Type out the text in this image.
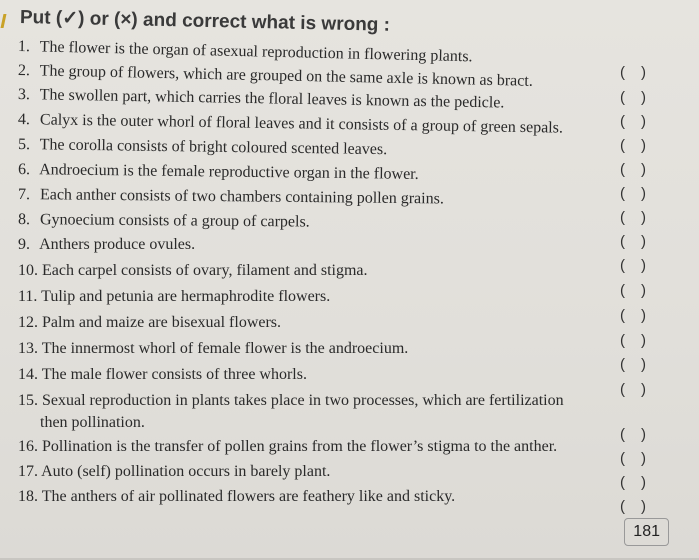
Put (✓) or (×) and correct what is wrong :
1. The flower is the organ of asexual reproduction in flowering plants.
2. The group of flowers, which are grouped on the same axle is known as bract.
3. The swollen part, which carries the floral leaves is known as the pedicle.
4. Calyx is the outer whorl of floral leaves and it consists of a group of green sepals.
5. The corolla consists of bright coloured scented leaves.
6. Androecium is the female reproductive organ in the flower.
7. Each anther consists of two chambers containing pollen grains.
8. Gynoecium consists of a group of carpels.
9. Anthers produce ovules.
10. Each carpel consists of ovary, filament and stigma.
11. Tulip and petunia are hermaphrodite flowers.
12. Palm and maize are bisexual flowers.
13. The innermost whorl of female flower is the androecium.
14. The male flower consists of three whorls.
15. Sexual reproduction in plants takes place in two processes, which are fertilization
then pollination.
16. Pollination is the transfer of pollen grains from the flower’s stigma to the anther.
17. Auto (self) pollination occurs in barely plant.
18. The anthers of air pollinated flowers are feathery like and sticky.
( )
( )
( )
( )
( )
( )
( )
( )
( )
( )
( )
( )
( )
( )
( )
( )
( )
( )
181
